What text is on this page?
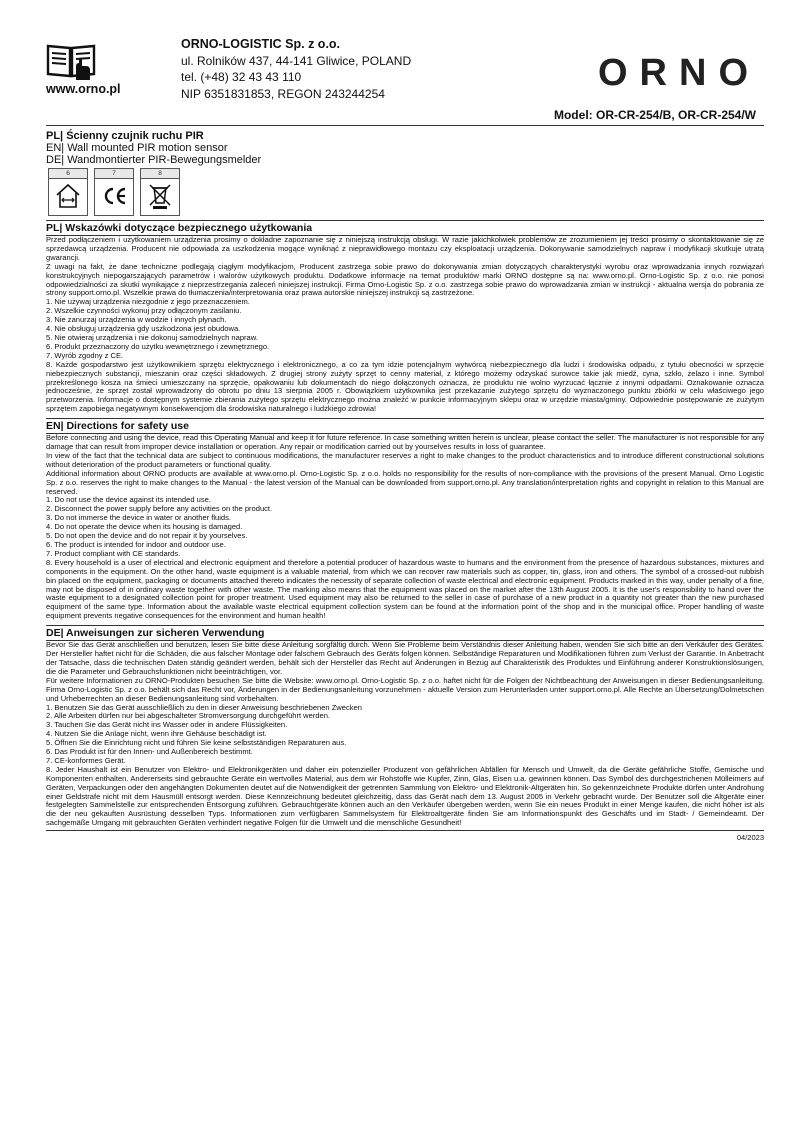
www.orno.pl
ORNO-LOGISTIC Sp. z o.o.
ul. Rolników 437, 44-141 Gliwice, POLAND
tel. (+48) 32 43 43 110
NIP 6351831853, REGON 243244254	ORNO
Model: OR-CR-254/B, OR-CR-254/W
PL| Ścienny czujnik ruchu PIR
EN| Wall mounted PIR motion sensor
DE| Wandmontierter PIR-Bewegungsmelder
6	7	8
PL| Wskazówki dotyczące bezpiecznego użytkowania
Przed podłączeniem i użytkowaniem urządzenia prosimy o dokładne zapoznanie się z niniejszą instrukcją obsługi. W razie jakichkolwiek problemów ze zrozumieniem jej treści prosimy o skontaktowanie się ze sprzedawcą urządzenia. Producent nie odpowiada za uszkodzenia mogące wyniknąć z nieprawidłowego montażu czy eksploatacji urządzenia. Dokonywanie samodzielnych napraw i modyfikacji skutkuje utratą gwarancji.
Z uwagi na fakt, że dane techniczne podlegają ciągłym modyfikacjom, Producent zastrzega sobie prawo do dokonywania zmian dotyczących charakterystyki wyrobu oraz wprowadzania innych rozwiązań konstrukcyjnych niepogarszających parametrów i walorów użytkowych produktu. Dodatkowe informacje na temat produktów marki ORNO dostępne są na: www.orno.pl. Orno-Logistic Sp. z o.o. nie ponosi odpowiedzialności za skutki wynikające z nieprzestrzegania zaleceń niniejszej instrukcji. Firma Orno-Logistic Sp. z o.o. zastrzega sobie prawo do wprowadzania zmian w instrukcji - aktualna wersja do pobrania ze strony support.orno.pl. Wszelkie prawa do tłumaczenia/interpretowania oraz prawa autorskie niniejszej instrukcji są zastrzeżone.
1. Nie używaj urządzenia niezgodnie z jego przeznaczeniem.
2. Wszelkie czynności wykonuj przy odłączonym zasilaniu.
3. Nie zanurzaj urządzenia w wodzie i innych płynach.
4. Nie obsługuj urządzenia gdy uszkodzona jest obudowa.
5. Nie otwieraj urządzenia i nie dokonuj samodzielnych napraw.
6. Produkt przeznaczony do użytku wewnętrznego i zewnętrznego.
7. Wyrób zgodny z CE.
8. Każde gospodarstwo jest użytkownikiem sprzętu elektrycznego i elektronicznego, a co za tym idzie potencjalnym wytwórcą niebezpiecznego dla ludzi i środowiska odpadu, z tytułu obecności w sprzęcie niebezpiecznych substancji, mieszanin oraz części składowych. Z drugiej strony zużyty sprzęt to cenny materiał, z którego możemy odzyskać surowce takie jak miedź, cyna, szkło, żelazo i inne. Symbol przekreślonego kosza na śmieci umieszczany na sprzęcie, opakowaniu lub dokumentach do niego dołączonych oznacza, że produktu nie wolno wyrzucać łącznie z innymi odpadami. Oznakowanie oznacza jednocześnie, że sprzęt został wprowadzony do obrotu po dniu 13 sierpnia 2005 r. Obowiązkiem użytkownika jest przekazanie zużytego sprzętu do wyznaczonego punktu zbiórki w celu właściwego jego przetworzenia. Informacje o dostępnym systemie zbierania zużytego sprzętu elektrycznego można znaleźć w punkcie informacyjnym sklepu oraz w urzędzie miasta/gminy. Odpowiednie postępowanie ze zużytym sprzętem zapobiega negatywnym konsekwencjom dla środowiska naturalnego i ludzkiego zdrowia!
EN| Directions for safety use
Before connecting and using the device, read this Operating Manual and keep it for future reference. In case something written herein is unclear, please contact the seller. The manufacturer is not responsible for any damage that can result from improper device installation or operation. Any repair or modification carried out by yourselves results in loss of guarantee.
In view of the fact that the technical data are subject to continuous modifications, the manufacturer reserves a right to make changes to the product characteristics and to introduce different constructional solutions without deterioration of the product parameters or functional quality.
Additional information about ORNO products are available at www.orno.pl. Orno-Logistic Sp. z o.o. holds no responsibility for the results of non-compliance with the provisions of the present Manual. Orno Logistic Sp. z o.o. reserves the right to make changes to the Manual - the latest version of the Manual can be downloaded from support.orno.pl. Any translation/interpretation rights and copyright in relation to this Manual are reserved.
1. Do not use the device against its intended use.
2. Disconnect the power supply before any activities on the product.
3. Do not immerse the device in water or another fluids.
4. Do not operate the device when its housing is damaged.
5. Do not open the device and do not repair it by yourselves.
6. The product is intended for indoor and outdoor use.
7. Product compliant with CE standards.
8. Every household is a user of electrical and electronic equipment and therefore a potential producer of hazardous waste to humans and the environment from the presence of hazardous substances, mixtures and components in the equipment. On the other hand, waste equipment is a valuable material, from which we can recover raw materials such as copper, tin, glass, iron and others. The symbol of a crossed-out rubbish bin placed on the equipment, packaging or documents attached thereto indicates the necessity of separate collection of waste electrical and electronic equipment. Products marked in this way, under penalty of a fine, may not be disposed of in ordinary waste together with other waste. The marking also means that the equipment was placed on the market after the 13th August 2005. It is the user's responsibility to hand over the waste equipment to a designated collection point for proper treatment. Used equipment may also be returned to the seller in case of purchase of a new product in a quantity not greater than the new purchased equipment of the same type. Information about the available waste electrical equipment collection system can be found at the information point of the shop and in the municipal office. Proper handling of waste equipment prevents negative consequences for the environment and human health!
DE| Anweisungen zur sicheren Verwendung
Bevor Sie das Gerät anschließen und benutzen, lesen Sie bitte diese Anleitung sorgfältig durch. Wenn Sie Probleme beim Verständnis dieser Anleitung haben, wenden Sie sich bitte an den Verkäufer des Gerätes. Der Hersteller haftet nicht für die Schäden, die aus falscher Montage oder falschem Gebrauch des Geräts folgen können. Selbständige Reparaturen und Modifikationen führen zum Verlust der Garantie. In Anbetracht der Tatsache, dass die technischen Daten ständig geändert werden, behält sich der Hersteller das Recht auf Änderungen in Bezug auf Charakteristik des Produktes und Einführung anderer Konstruktionslösungen, die die Parameter und Gebrauchsfunktionen nicht beeinträchtigen, vor.
Für weitere Informationen zu ORNO-Produkten besuchen Sie bitte die Website: www.orno.pl. Orno-Logistic Sp. z o.o. haftet nicht für die Folgen der Nichtbeachtung der Anweisungen in dieser Bedienungsanleitung. Firma Orno-Logistic Sp. z o.o. behält sich das Recht vor, Änderungen in der Bedienungsanleitung vorzunehmen - aktuelle Version zum Herunterladen unter support.orno.pl. Alle Rechte an Übersetzung/Dolmetschen und Urheberrechten an dieser Bedienungsanleitung sind vorbehalten.
1. Benutzen Sie das Gerät ausschließlich zu den in dieser Anweisung beschriebenen Zwecken
2. Alle Arbeiten dürfen nur bei abgeschalteter Stromversorgung durchgeführt werden.
3. Tauchen Sie das Gerät nicht ins Wasser oder in andere Flüssigkeiten.
4. Nutzen Sie die Anlage nicht, wenn ihre Gehäuse beschädigt ist.
5. Öffnen Sie die Einrichtung nicht und führen Sie keine selbstständigen Reparaturen aus.
6. Das Produkt ist für den Innen- und Außenbereich bestimmt.
7. CE-konformes Gerät.
8. Jeder Haushalt ist ein Benutzer von Elektro- und Elektronikgeräten und daher ein potenzieller Produzent von gefährlichen Abfällen für Mensch und Umwelt, da die Geräte gefährliche Stoffe, Gemische und Komponenten enthalten. Andererseits sind gebrauchte Geräte ein wertvolles Material, aus dem wir Rohstoffe wie Kupfer, Zinn, Glas, Eisen u.a. gewinnen können. Das Symbol des durchgestrichenen Mülleimers auf Geräten, Verpackungen oder den angehängten Dokumenten deutet auf die Notwendigkeit der getrennten Sammlung von Elektro- und Elektronik-Altgeräten hin. So gekennzeichnete Produkte dürfen unter Androhung einer Geldstrafe nicht mit dem Hausmüll entsorgt werden. Diese Kennzeichnung bedeutet gleichzeitig, dass das Gerät nach dem 13. August 2005 in Verkehr gebracht wurde. Der Benutzer soll die Altgeräte einer festgelegten Sammelstelle zur entsprechenden Entsorgung zuführen. Gebrauchtgeräte können auch an den Verkäufer übergeben werden, wenn Sie ein neues Produkt in einer Menge kaufen, die nicht höher ist als die der neu gekauften Ausrüstung desselben Typs. Informationen zum verfügbaren Sammelsystem für Elektroaltgeräte finden Sie am Informationspunkt des Geschäfts und im Stadt- / Gemeindeamt. Der sachgemäße Umgang mit gebrauchten Geräten verhindert negative Folgen für die Umwelt und die menschliche Gesundheit!
04/2023
